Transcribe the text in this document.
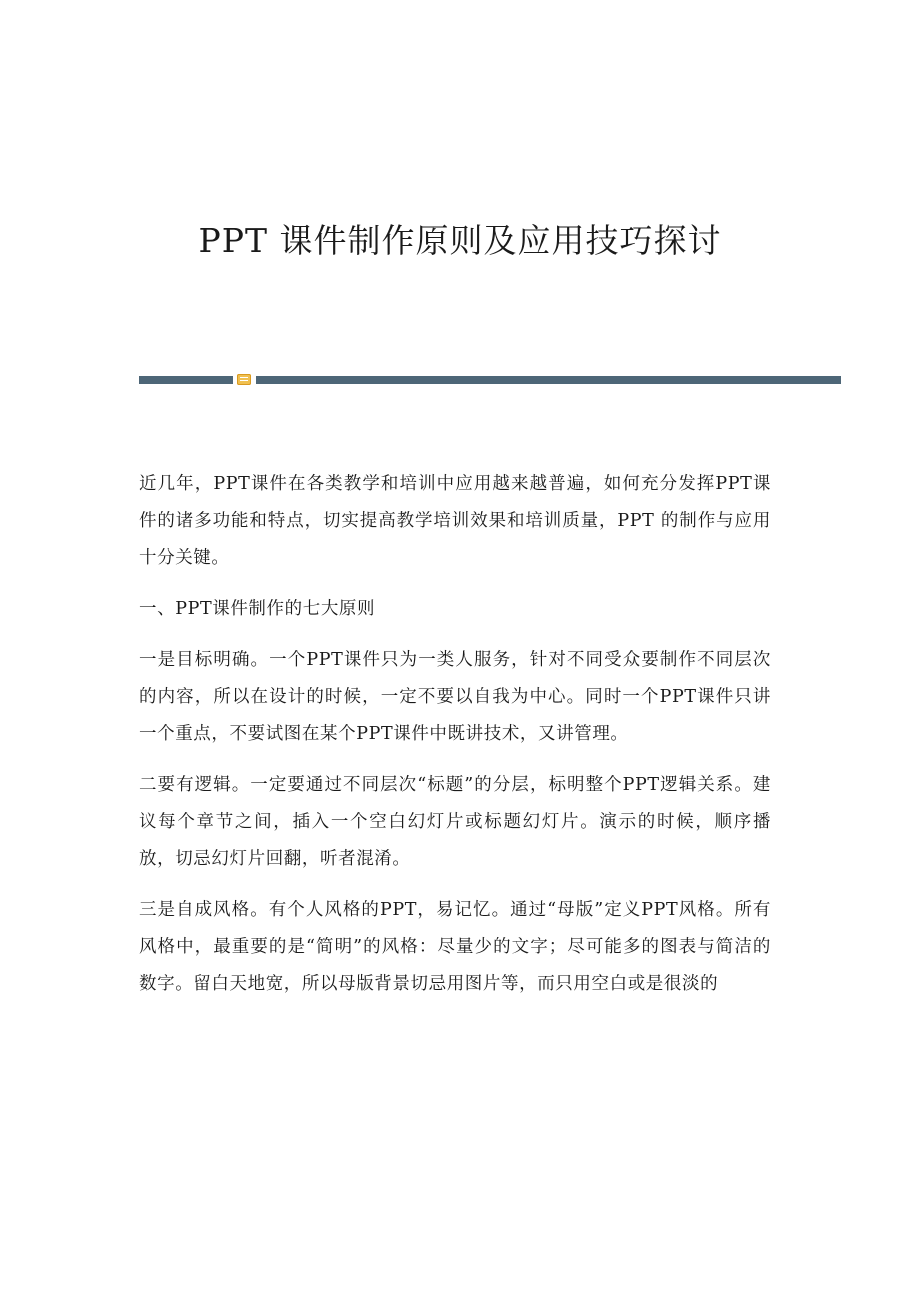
PPT 课件制作原则及应用技巧探讨

近几年，PPT课件在各类教学和培训中应用越来越普遍，如何充分发挥PPT课件的诸多功能和特点，切实提高教学培训效果和培训质量，PPT 的制作与应用十分关键。

一、PPT课件制作的七大原则

一是目标明确。一个PPT课件只为一类人服务，针对不同受众要制作不同层次的内容，所以在设计的时候，一定不要以自我为中心。同时一个PPT课件只讲一个重点，不要试图在某个PPT课件中既讲技术，又讲管理。

二要有逻辑。一定要通过不同层次“标题”的分层，标明整个PPT逻辑关系。建议每个章节之间，插入一个空白幻灯片或标题幻灯片。演示的时候，顺序播放，切忌幻灯片回翻，听者混淆。

三是自成风格。有个人风格的PPT，易记忆。通过“母版”定义PPT风格。所有风格中，最重要的是“简明”的风格：尽量少的文字；尽可能多的图表与简洁的数字。留白天地宽，所以母版背景切忌用图片等，而只用空白或是很淡的
